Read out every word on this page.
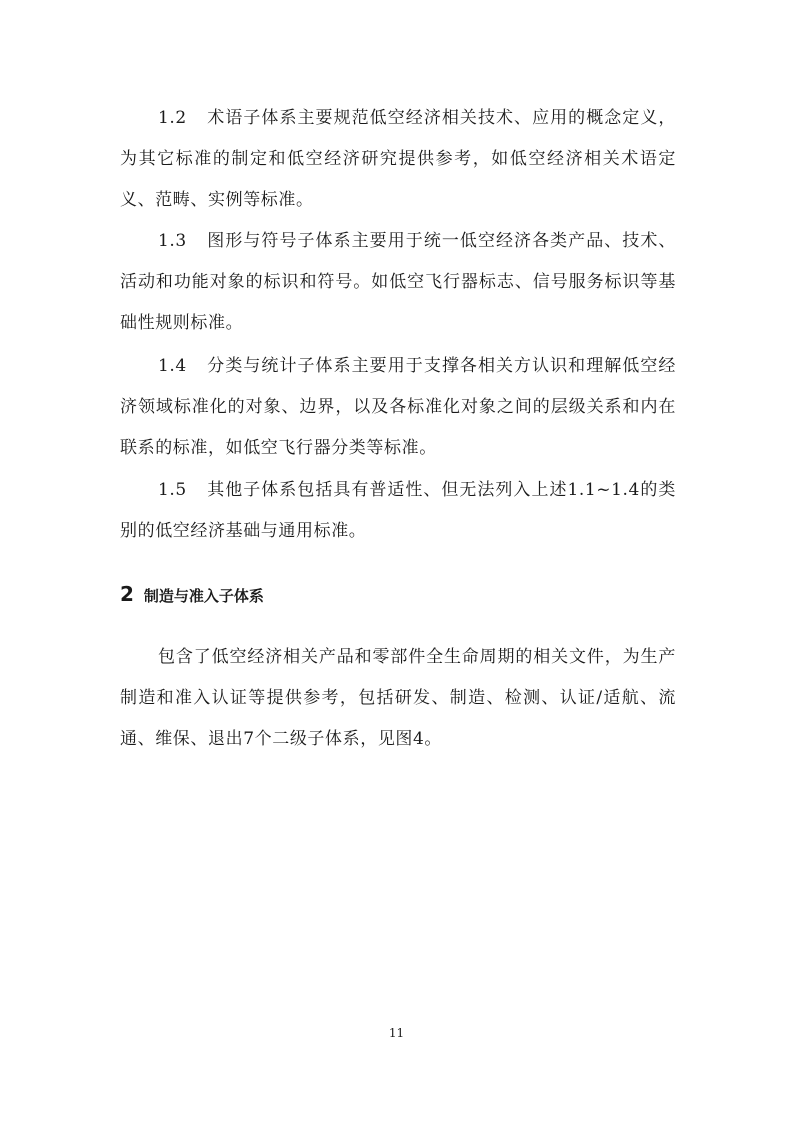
1.2 术语子体系主要规范低空经济相关技术、应用的概念定义，为其它标准的制定和低空经济研究提供参考，如低空经济相关术语定义、范畴、实例等标准。

1.3 图形与符号子体系主要用于统一低空经济各类产品、技术、活动和功能对象的标识和符号。如低空飞行器标志、信号服务标识等基础性规则标准。

1.4 分类与统计子体系主要用于支撑各相关方认识和理解低空经济领域标准化的对象、边界，以及各标准化对象之间的层级关系和内在联系的标准，如低空飞行器分类等标准。

1.5 其他子体系包括具有普适性、但无法列入上述1.1~1.4的类别的低空经济基础与通用标准。

2 制造与准入子体系

包含了低空经济相关产品和零部件全生命周期的相关文件，为生产制造和准入认证等提供参考，包括研发、制造、检测、认证/适航、流通、维保、退出7个二级子体系，见图4。

11
